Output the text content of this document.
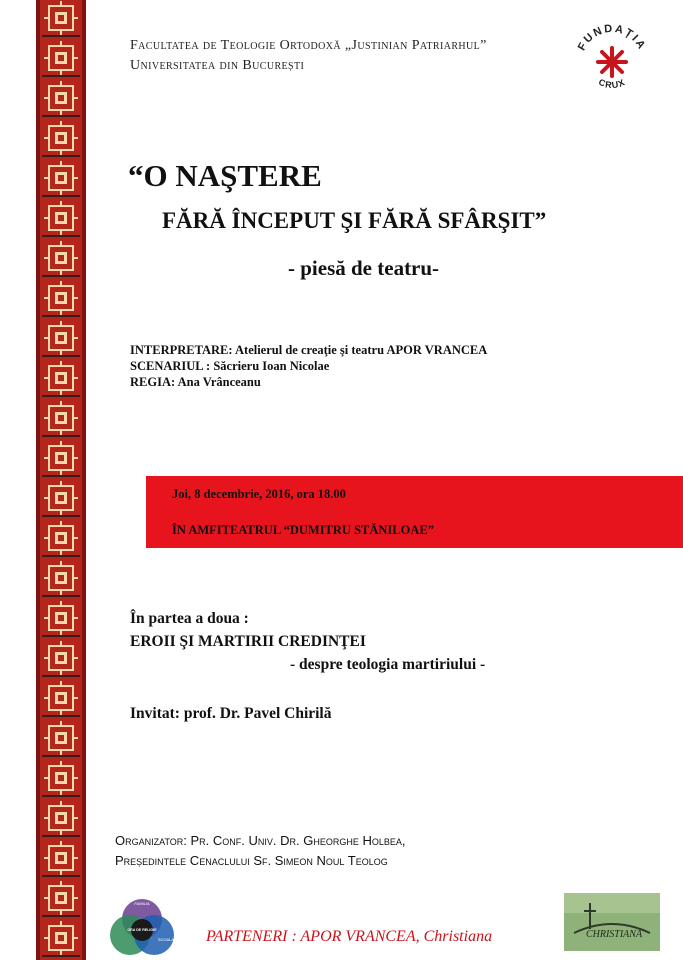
Facultatea de Teologie Ortodoxă „Justinian Patriarhul”
Universitatea din București
FUNDAȚIA
CRUX
“O NAŞTERE
FĂRĂ ÎNCEPUT ŞI FĂRĂ SFÂRŞIT”
- piesă de teatru-
INTERPRETARE: Atelierul de creaţie şi teatru APOR VRANCEA
SCENARIUL : Săcrieru Ioan Nicolae
REGIA: Ana Vrânceanu
Joi, 8 decembrie, 2016, ora 18.00
ÎN AMFITEATRUL “DUMITRU STĂNILOAE”
În partea a doua :
EROII ŞI MARTIRII CREDINŢEI
- despre teologia martiriului -
Invitat: prof. Dr. Pavel Chirilă
Organizator: Pr. Conf. Univ. Dr. Gheorghe Holbea,
Președintele Cenaclului Sf. Simeon Noul Teolog
FAMILIA
ORA DE RELIGIE
ȘCOALA PARTENERI : APOR VRANCEA, Christiana	CHRISTIANA
